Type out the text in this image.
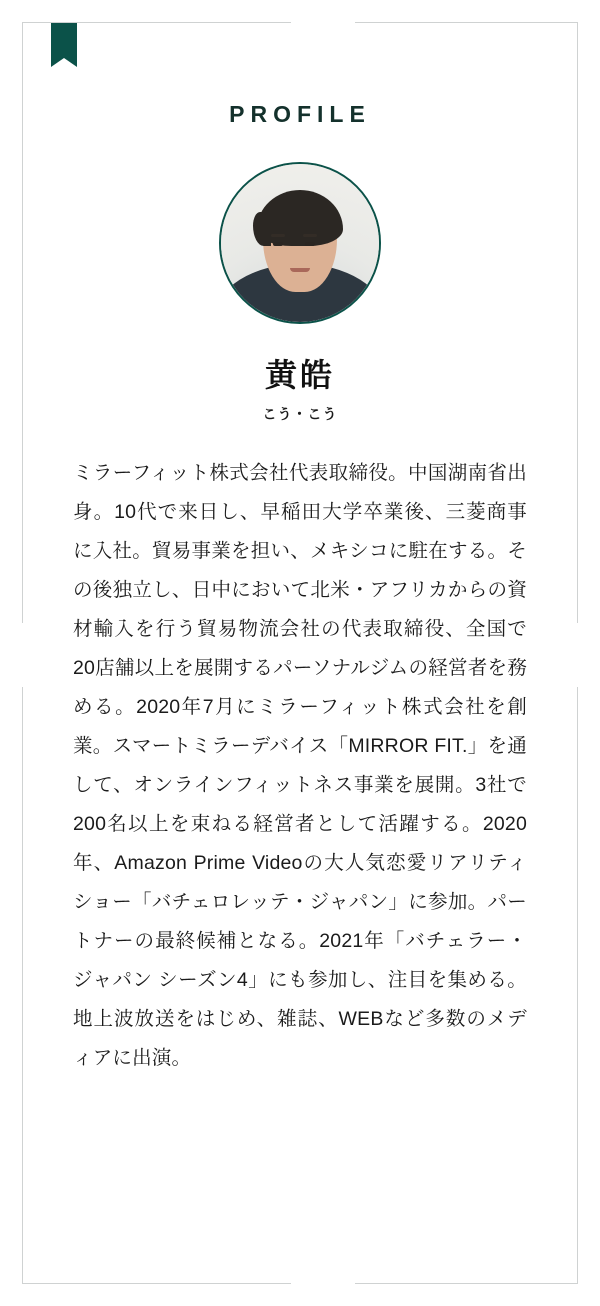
PROFILE
黄皓
こう・こう

ミラーフィット株式会社代表取締役。中国湖南省出身。10代で来日し、早稲田大学卒業後、三菱商事に入社。貿易事業を担い、メキシコに駐在する。その後独立し、日中において北米・アフリカからの資材輸入を行う貿易物流会社の代表取締役、全国で20店舗以上を展開するパーソナルジムの経営者を務める。2020年7月にミラーフィット株式会社を創業。スマートミラーデバイス「MIRROR FIT.」を通して、オンラインフィットネス事業を展開。3社で200名以上を束ねる経営者として活躍する。2020年、Amazon Prime Videoの大人気恋愛リアリティショー「バチェロレッテ・ジャパン」に参加。パートナーの最終候補となる。2021年「バチェラー・ジャパン シーズン4」にも参加し、注目を集める。地上波放送をはじめ、雑誌、WEBなど多数のメディアに出演。
